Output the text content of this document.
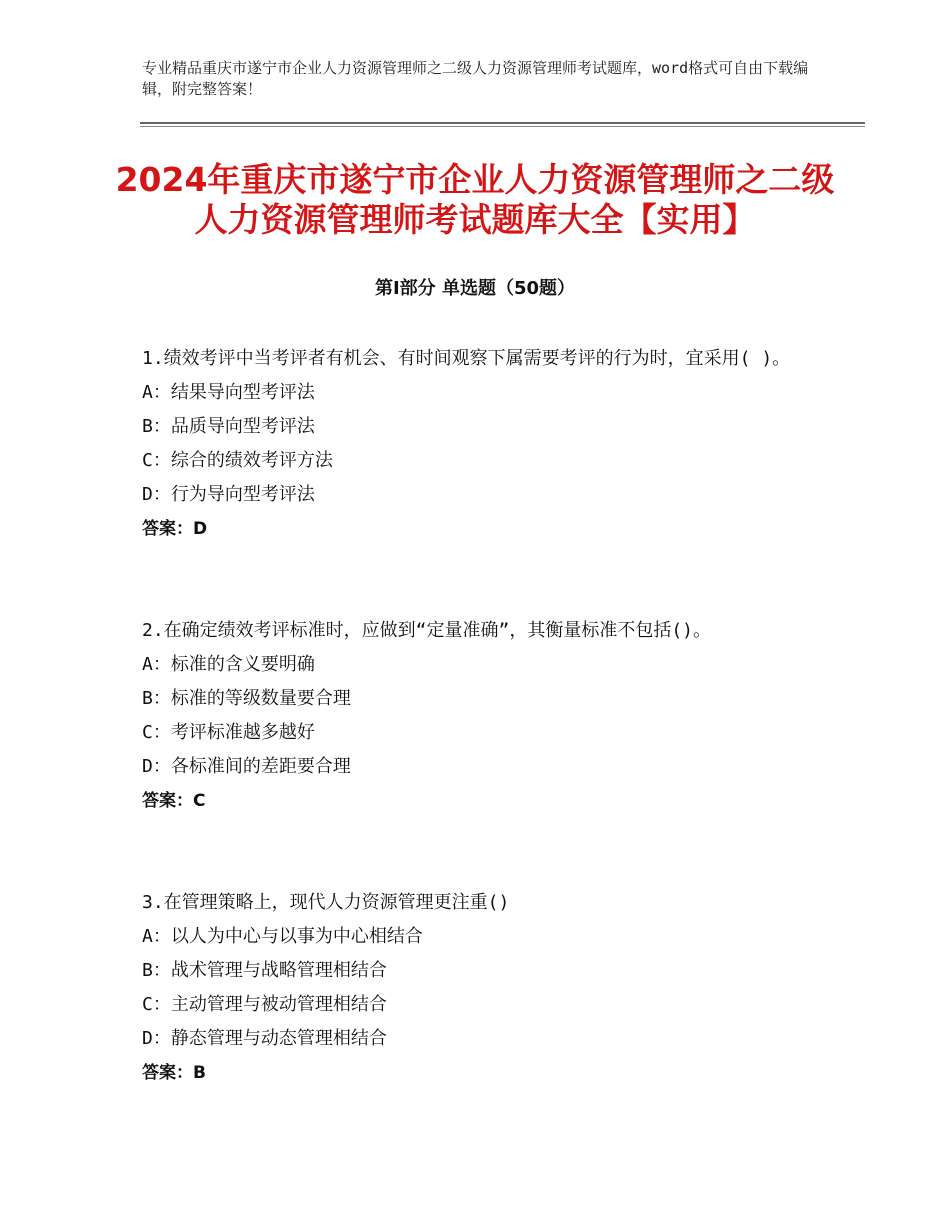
专业精品重庆市遂宁市企业人力资源管理师之二级人力资源管理师考试题库，word格式可自由下载编辑，附完整答案！
2024年重庆市遂宁市企业人力资源管理师之二级人力资源管理师考试题库大全【实用】
第Ⅰ部分 单选题（50题）
1.绩效考评中当考评者有机会、有时间观察下属需要考评的行为时，宜采用( )。
A：结果导向型考评法
B：品质导向型考评法
C：综合的绩效考评方法
D：行为导向型考评法
答案：D
2.在确定绩效考评标准时，应做到“定量准确”，其衡量标准不包括()。
A：标准的含义要明确
B：标准的等级数量要合理
C：考评标准越多越好
D：各标准间的差距要合理
答案：C
3.在管理策略上，现代人力资源管理更注重()
A：以人为中心与以事为中心相结合
B：战术管理与战略管理相结合
C：主动管理与被动管理相结合
D：静态管理与动态管理相结合
答案：B
